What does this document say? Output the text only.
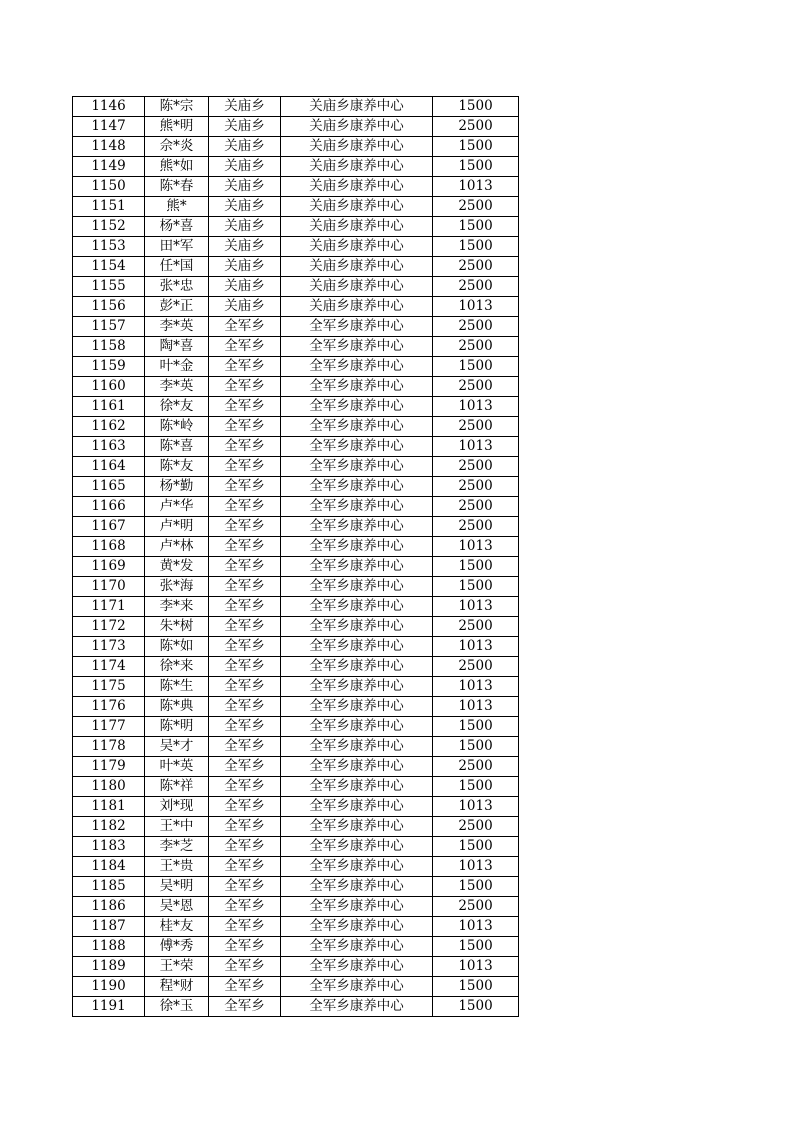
1146	陈*宗	关庙乡	关庙乡康养中心	1500
1147	熊*明	关庙乡	关庙乡康养中心	2500
1148	佘*炎	关庙乡	关庙乡康养中心	1500
1149	熊*如	关庙乡	关庙乡康养中心	1500
1150	陈*春	关庙乡	关庙乡康养中心	1013
1151	熊*	关庙乡	关庙乡康养中心	2500
1152	杨*喜	关庙乡	关庙乡康养中心	1500
1153	田*军	关庙乡	关庙乡康养中心	1500
1154	任*国	关庙乡	关庙乡康养中心	2500
1155	张*忠	关庙乡	关庙乡康养中心	2500
1156	彭*正	关庙乡	关庙乡康养中心	1013
1157	李*英	全军乡	全军乡康养中心	2500
1158	陶*喜	全军乡	全军乡康养中心	2500
1159	叶*金	全军乡	全军乡康养中心	1500
1160	李*英	全军乡	全军乡康养中心	2500
1161	徐*友	全军乡	全军乡康养中心	1013
1162	陈*岭	全军乡	全军乡康养中心	2500
1163	陈*喜	全军乡	全军乡康养中心	1013
1164	陈*友	全军乡	全军乡康养中心	2500
1165	杨*勤	全军乡	全军乡康养中心	2500
1166	卢*华	全军乡	全军乡康养中心	2500
1167	卢*明	全军乡	全军乡康养中心	2500
1168	卢*林	全军乡	全军乡康养中心	1013
1169	黄*发	全军乡	全军乡康养中心	1500
1170	张*海	全军乡	全军乡康养中心	1500
1171	李*来	全军乡	全军乡康养中心	1013
1172	朱*树	全军乡	全军乡康养中心	2500
1173	陈*如	全军乡	全军乡康养中心	1013
1174	徐*来	全军乡	全军乡康养中心	2500
1175	陈*生	全军乡	全军乡康养中心	1013
1176	陈*典	全军乡	全军乡康养中心	1013
1177	陈*明	全军乡	全军乡康养中心	1500
1178	吴*才	全军乡	全军乡康养中心	1500
1179	叶*英	全军乡	全军乡康养中心	2500
1180	陈*祥	全军乡	全军乡康养中心	1500
1181	刘*现	全军乡	全军乡康养中心	1013
1182	王*中	全军乡	全军乡康养中心	2500
1183	李*芝	全军乡	全军乡康养中心	1500
1184	王*贵	全军乡	全军乡康养中心	1013
1185	吴*明	全军乡	全军乡康养中心	1500
1186	吴*恩	全军乡	全军乡康养中心	2500
1187	桂*友	全军乡	全军乡康养中心	1013
1188	傅*秀	全军乡	全军乡康养中心	1500
1189	王*荣	全军乡	全军乡康养中心	1013
1190	程*财	全军乡	全军乡康养中心	1500
1191	徐*玉	全军乡	全军乡康养中心	1500
